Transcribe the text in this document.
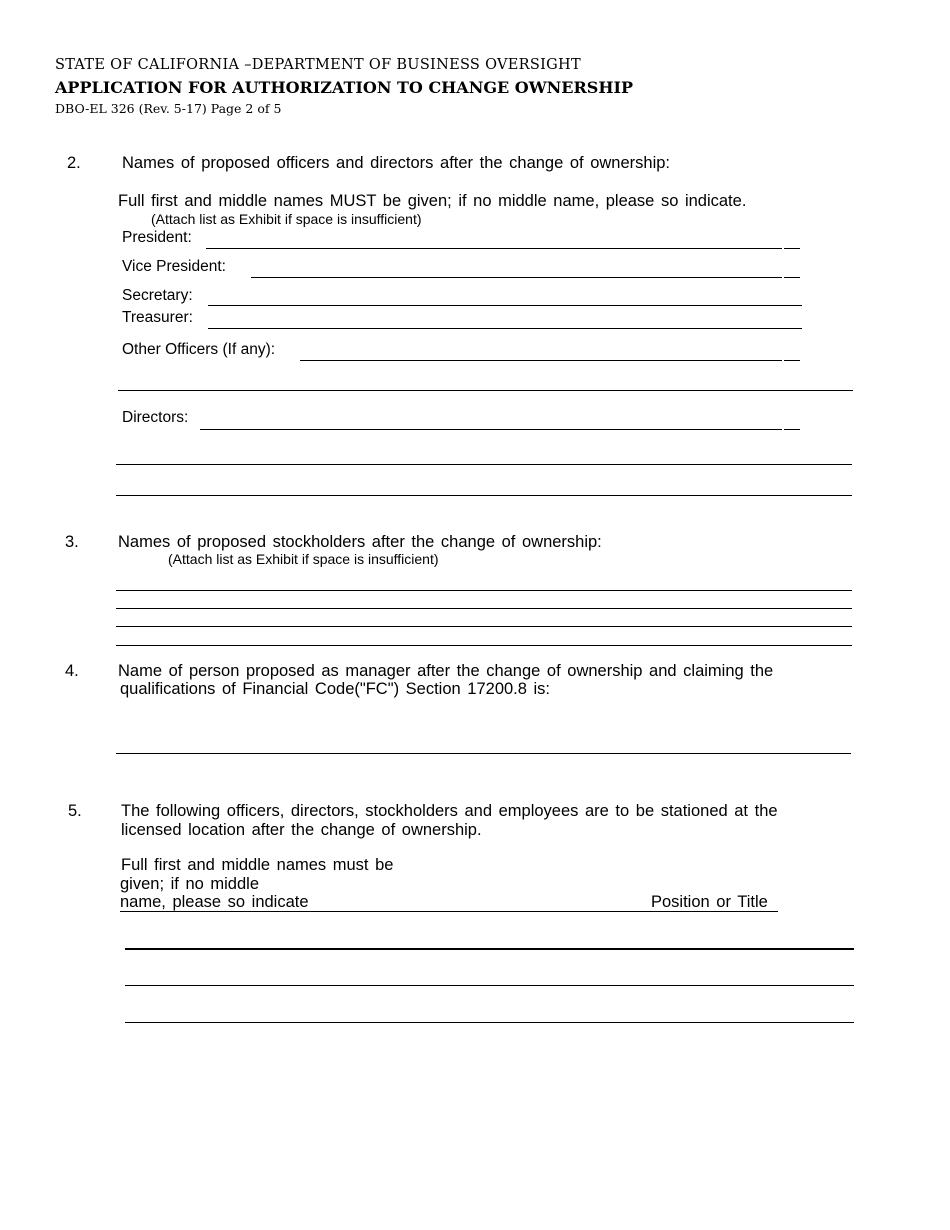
STATE OF CALIFORNIA –DEPARTMENT OF BUSINESS OVERSIGHT
APPLICATION FOR AUTHORIZATION TO CHANGE OWNERSHIP
DBO-EL 326 (Rev. 5-17) Page 2 of 5
2. Names of proposed officers and directors after the change of ownership:
Full first and middle names MUST be given; if no middle name, please so indicate.
(Attach list as Exhibit if space is insufficient)
President:
Vice President:
Secretary:
Treasurer:
Other Officers (If any):
Directors:
3. Names of proposed stockholders after the change of ownership:
(Attach list as Exhibit if space is insufficient)
4. Name of person proposed as manager after the change of ownership and claiming the
qualifications of Financial Code("FC") Section 17200.8 is:
5. The following officers, directors, stockholders and employees are to be stationed at the
licensed location after the change of ownership.
Full first and middle names must be
given; if no middle
name, please so indicate	Position or Title
